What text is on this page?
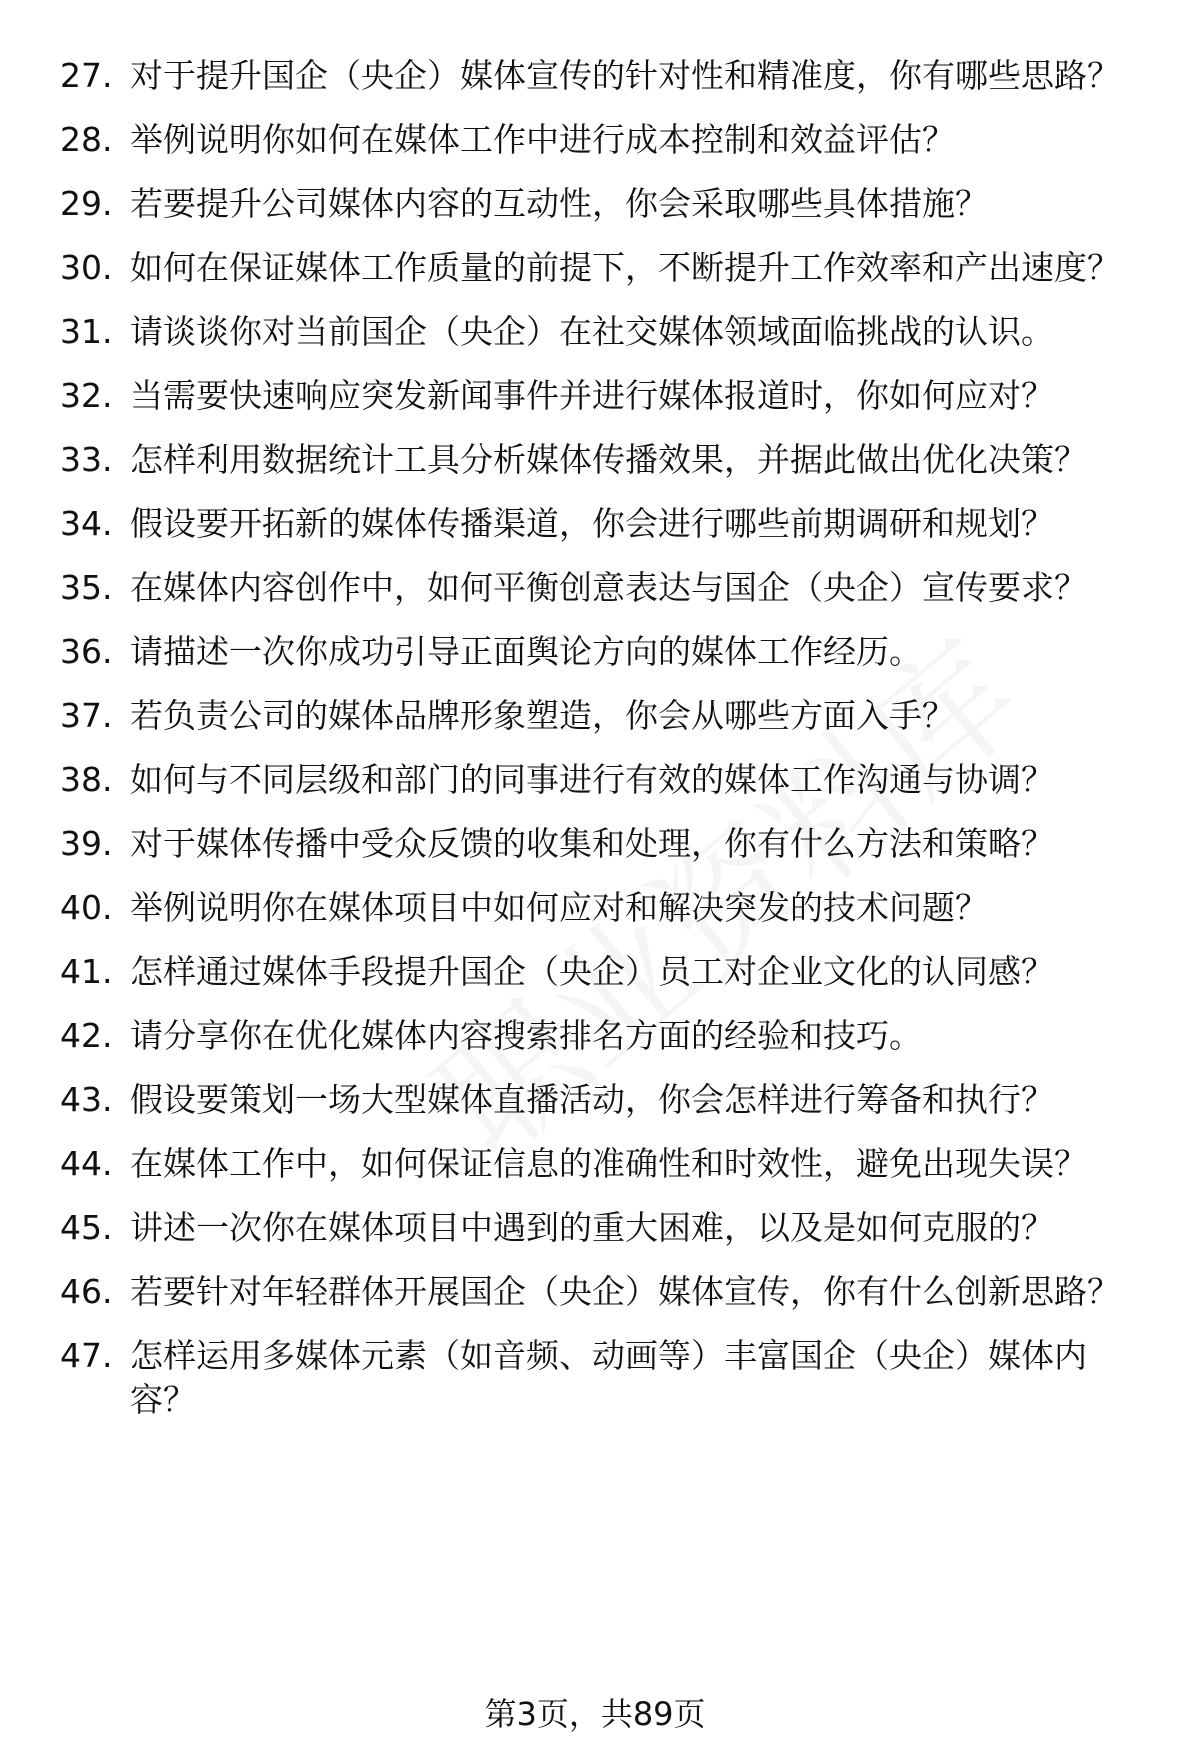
27. 对于提升国企（央企）媒体宣传的针对性和精准度，你有哪些思路？
28. 举例说明你如何在媒体工作中进行成本控制和效益评估？
29. 若要提升公司媒体内容的互动性，你会采取哪些具体措施？
30. 如何在保证媒体工作质量的前提下，不断提升工作效率和产出速度？
31. 请谈谈你对当前国企（央企）在社交媒体领域面临挑战的认识。
32. 当需要快速响应突发新闻事件并进行媒体报道时，你如何应对？
33. 怎样利用数据统计工具分析媒体传播效果，并据此做出优化决策？
34. 假设要开拓新的媒体传播渠道，你会进行哪些前期调研和规划？
35. 在媒体内容创作中，如何平衡创意表达与国企（央企）宣传要求？
36. 请描述一次你成功引导正面舆论方向的媒体工作经历。
37. 若负责公司的媒体品牌形象塑造，你会从哪些方面入手？
38. 如何与不同层级和部门的同事进行有效的媒体工作沟通与协调？
39. 对于媒体传播中受众反馈的收集和处理，你有什么方法和策略？
40. 举例说明你在媒体项目中如何应对和解决突发的技术问题？
41. 怎样通过媒体手段提升国企（央企）员工对企业文化的认同感？
42. 请分享你在优化媒体内容搜索排名方面的经验和技巧。
43. 假设要策划一场大型媒体直播活动，你会怎样进行筹备和执行？
44. 在媒体工作中，如何保证信息的准确性和时效性，避免出现失误？
45. 讲述一次你在媒体项目中遇到的重大困难，以及是如何克服的？
46. 若要针对年轻群体开展国企（央企）媒体宣传，你有什么创新思路？
47. 怎样运用多媒体元素（如音频、动画等）丰富国企（央企）媒体内容？
第3页，共89页
